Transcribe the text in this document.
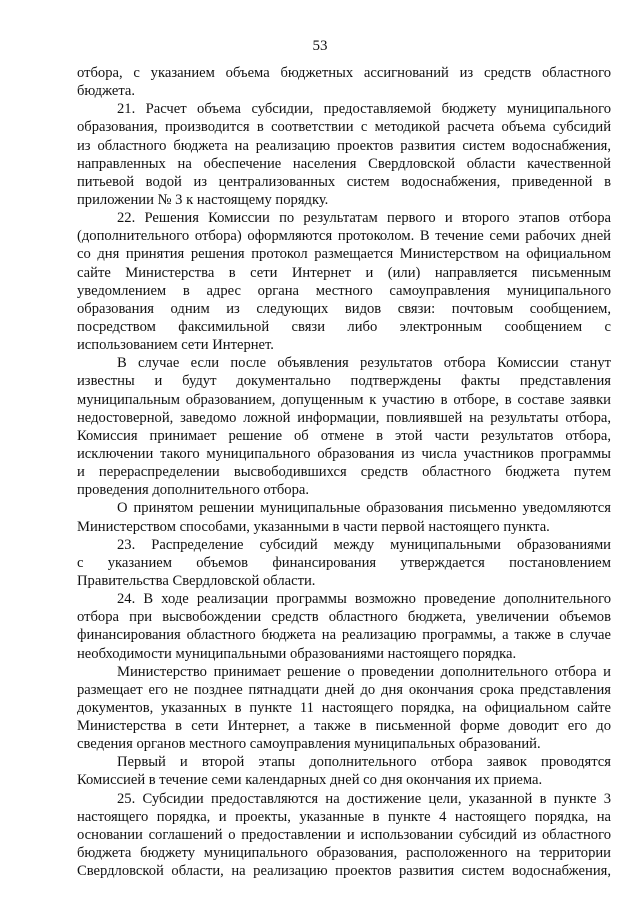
53
отбора, с указанием объема бюджетных ассигнований из средств областного
бюджета.
21. Расчет объема субсидии, предоставляемой бюджету муниципального
образования, производится в соответствии с методикой расчета объема субсидий
из областного бюджета на реализацию проектов развития систем водоснабжения,
направленных на обеспечение населения Свердловской области качественной
питьевой водой из централизованных систем водоснабжения, приведенной в
приложении № 3 к настоящему порядку.
22. Решения Комиссии по результатам первого и второго этапов отбора
(дополнительного отбора) оформляются протоколом. В течение семи рабочих дней
со дня принятия решения протокол размещается Министерством на официальном
сайте Министерства в сети Интернет и (или) направляется письменным
уведомлением в адрес органа местного самоуправления муниципального
образования одним из следующих видов связи: почтовым сообщением,
посредством факсимильной связи либо электронным сообщением с
использованием сети Интернет.
В случае если после объявления результатов отбора Комиссии станут
известны и будут документально подтверждены факты представления
муниципальным образованием, допущенным к участию в отборе, в составе заявки
недостоверной, заведомо ложной информации, повлиявшей на результаты отбора,
Комиссия принимает решение об отмене в этой части результатов отбора,
исключении такого муниципального образования из числа участников программы
и перераспределении высвободившихся средств областного бюджета путем
проведения дополнительного отбора.
О принятом решении муниципальные образования письменно уведомляются
Министерством способами, указанными в части первой настоящего пункта.
23. Распределение субсидий между муниципальными образованиями
с указанием объемов финансирования утверждается постановлением
Правительства Свердловской области.
24. В ходе реализации программы возможно проведение дополнительного
отбора при высвобождении средств областного бюджета, увеличении объемов
финансирования областного бюджета на реализацию программы, а также в случае
необходимости муниципальными образованиями настоящего порядка.
Министерство принимает решение о проведении дополнительного отбора и
размещает его не позднее пятнадцати дней до дня окончания срока представления
документов, указанных в пункте 11 настоящего порядка, на официальном сайте
Министерства в сети Интернет, а также в письменной форме доводит его до
сведения органов местного самоуправления муниципальных образований.
Первый и второй этапы дополнительного отбора заявок проводятся
Комиссией в течение семи календарных дней со дня окончания их приема.
25. Субсидии предоставляются на достижение цели, указанной в пункте 3
настоящего порядка, и проекты, указанные в пункте 4 настоящего порядка, на
основании соглашений о предоставлении и использовании субсидий из областного
бюджета бюджету муниципального образования, расположенного на территории
Свердловской области, на реализацию проектов развития систем водоснабжения,
